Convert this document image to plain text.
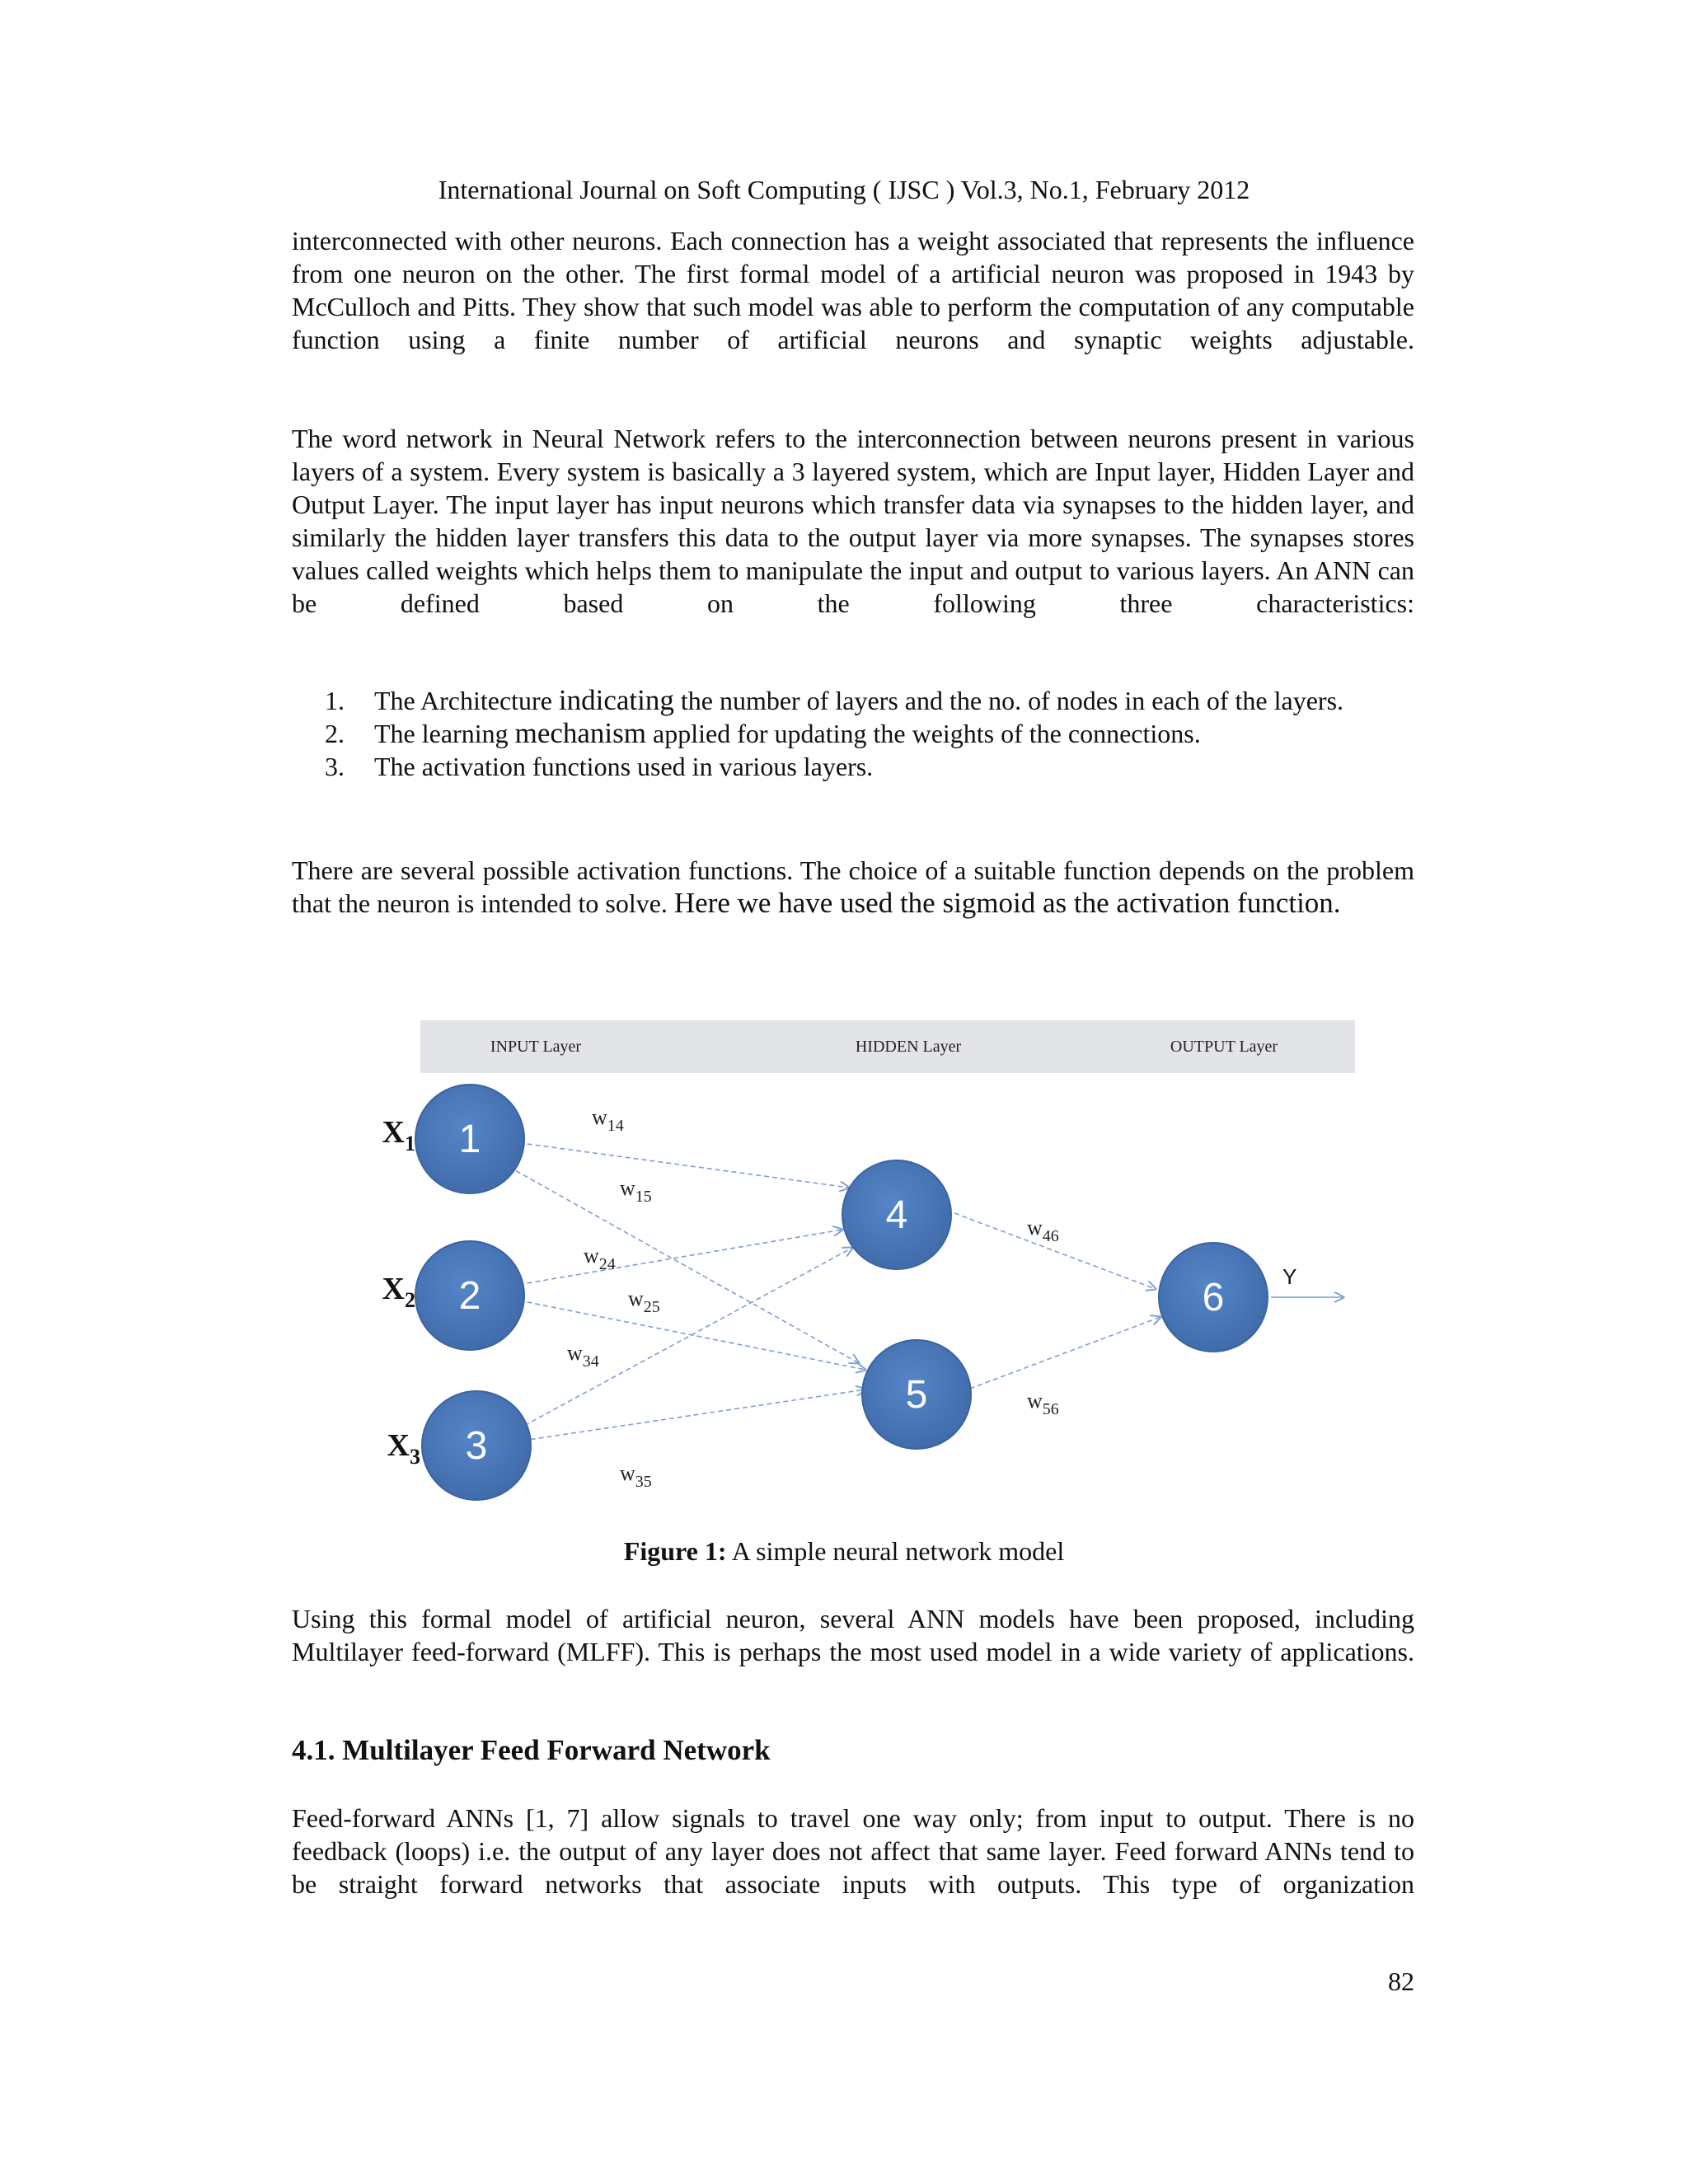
International Journal on Soft Computing ( IJSC ) Vol.3, No.1, February 2012

interconnected with other neurons. Each connection has a weight associated that represents the influence from one neuron on the other. The first formal model of a artificial neuron was proposed in 1943 by McCulloch and Pitts. They show that such model was able to perform the computation of any computable function using a finite number of artificial neurons and synaptic weights adjustable.

The word network in Neural Network refers to the interconnection between neurons present in various layers of a system. Every system is basically a 3 layered system, which are Input layer, Hidden Layer and Output Layer. The input layer has input neurons which transfer data via synapses to the hidden layer, and similarly the hidden layer transfers this data to the output layer via more synapses. The synapses stores values called weights which helps them to manipulate the input and output to various layers. An ANN can be defined based on the following three characteristics:

1. The Architecture indicating the number of layers and the no. of nodes in each of the layers.
2. The learning mechanism applied for updating the weights of the connections.
3. The activation functions used in various layers.

There are several possible activation functions. The choice of a suitable function depends on the problem that the neuron is intended to solve. Here we have used the sigmoid as the activation function.

INPUT Layer	HIDDEN Layer	OUTPUT Layer
1
2
3
4
5
6
$X_1$
$X_2$
$X_3$
$w_{14}$
$w_{15}$
$w_{24}$
$w_{25}$
$w_{34}$
$w_{35}$
$w_{46}$
$w_{56}$
Y
Figure 1: A simple neural network model

Using this formal model of artificial neuron, several ANN models have been proposed, including Multilayer feed-forward (MLFF). This is perhaps the most used model in a wide variety of applications.

4.1. Multilayer Feed Forward Network

Feed-forward ANNs [1, 7] allow signals to travel one way only; from input to output. There is no feedback (loops) i.e. the output of any layer does not affect that same layer. Feed forward ANNs tend to be straight forward networks that associate inputs with outputs. This type of organization

82
